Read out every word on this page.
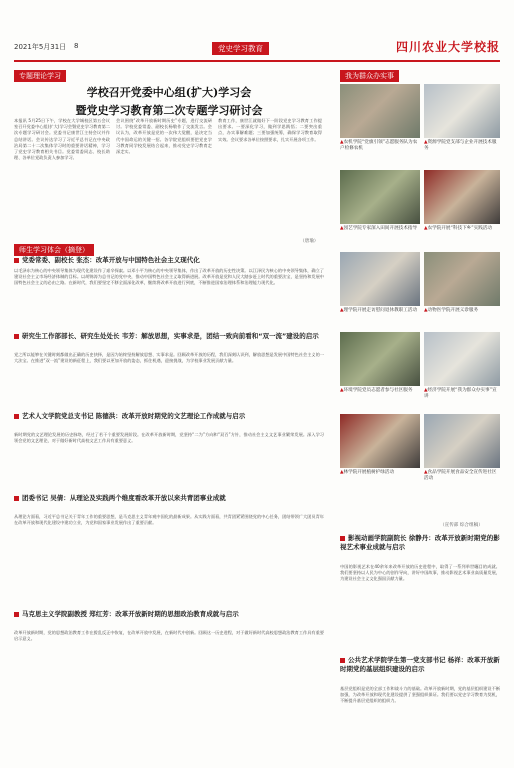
2021年5月31日 8	党史学习教育	四川农业大学校报
专题理论学习
学校召开党委中心组(扩大)学习会
暨党史学习教育第二次专题学习研讨会
本报讯 5月25日下午，学校在大学城校区第五会议室召开党委中心组(扩大)学习会暨党史学习教育第二次专题学习研讨会。党委书记康世江主持会议并作总结讲话。会议传达学习了习近平总书记在中央政治局第二十二次集体学习时的重要讲话精神，学习了党史学习教育相关书目。党委常委同志、校长助理、各单位党政负责人参加学习。
会议围绕“改革开放新时期历史”专题，进行交流研讨。学校党委常委、副校长杨敬作了交流发言。会议认为，改革开放是党的一次伟大觉醒，是决定当代中国命运的关键一招。各学院党组织要把党史学习教育同学校发展结合起来，推动党史学习教育走深走实。
教育工作，康世江就做好下一阶段党史学习教育工作提出要求。一要深化学习，做到学思践悟；二要突出重点，办实事解难题；三要加强统筹，确保学习教育取得实效。会议要求各单位按照要求，扎实开展各项工作。
（唐瑜）
师生学习体会（摘登）
党委常委、副校长 张杰：改革开放与中国特色社会主义现代化
以毛泽东为核心的中央领导集体为现代化建设作了艰辛探索。以邓小平为核心的中央领导集体，作出了改革开放的历史性决策。以江泽民为核心的中央领导集体，确立了建设社会主义市场经济体制的目标。以胡锦涛为总书记的党中央，推动中国特色社会主义取得新进展。改革开放是党和人民大踏步赶上时代的重要法宝，是坚持和发展中国特色社会主义的必由之路。在新时代，我们要坚定不移全面深化改革，继续将改革开放进行到底，不断推进国家治理体系和治理能力现代化。
研究生工作部部长、研究生处处长 韦芳：解放思想，实事求是，团结一致向前看和“双一流”建设的启示
党之所以能够在关键时刻都做出正确的历史抉择，是因为始终坚持解放思想、实事求是。回顾改革开放的历程，我们深刻认识到，解放思想是发展中国特色社会主义的一大法宝。在推进“双一流”建设的新征程上，我们要以更加开放的姿态，抓住机遇，迎接挑战，为学校事业发展贡献力量。
艺术人文学院党总支书记 陈德洪：改革开放时期党的文艺理论工作成就与启示
新时期党的文艺理论发展的历史脉络，经过了若干个重要发展阶段。在改革开放新时期，党坚持“二为”方向和“双百”方针，推动社会主义文艺事业繁荣发展。深入学习领会党的文艺理论，对于做好新时代高校文艺工作具有重要意义。
团委书记 吴倩：从理论及实践两个维度看改革开放以来共青团事业成就
从理论方面看，习近平总书记关于青年工作的重要思想，是马克思主义青年观中国化的最新成果。从实践方面看，共青团紧紧围绕党的中心任务，团结带领广大团员青年在改革开放和现代化建设中建功立业，为党和国家事业发展作出了重要贡献。
马克思主义学院副教授 郑红芳：改革开放新时期的思想政治教育成就与启示
改革开放新时期，党的思想政治教育工作在拨乱反正中恢复，在改革开放中发展，在新时代中创新。回顾这一历史进程，对于做好新时代高校思想政治教育工作具有重要启示意义。
我为群众办实事
▲农机学院“党旗引领”志愿服务队为农户检修农机
▲资源学院党支部与企业开展技术服务
▲园艺学院专家深入田间开展技术指导	▲农学院开展“科技下乡”实践活动
▲理学院开展走访慰问退休教职工活动	▲动物医学院开展义诊服务
▲环境学院党员志愿者参与社区服务	▲经济学院开展“我为群众办实事”宣讲
▲林学院开展植树护绿活动	▲食品学院开展食品安全宣传进社区活动
（宣传部 综合组稿）
影视动画学院副院长 徐静丹：改革开放新时期党的影视艺术事业成就与启示
中国的影视艺术在40余年来改革开放的历史进程中，取得了一系列举世瞩目的成就。我们要坚持以人民为中心的创作导向，讲好中国故事，推动影视艺术事业高质量发展，为建设社会主义文化强国贡献力量。
公共艺术学院学生第一党支部书记 杨祥：改革开放新时期党的基层组织建设的启示
基层党组织是党的全部工作和战斗力的基础。改革开放新时期，党的基层组织建设不断加强，为改革开放和现代化建设提供了坚强组织保证。我们要以党史学习教育为契机，不断提升基层党组织的组织力。
